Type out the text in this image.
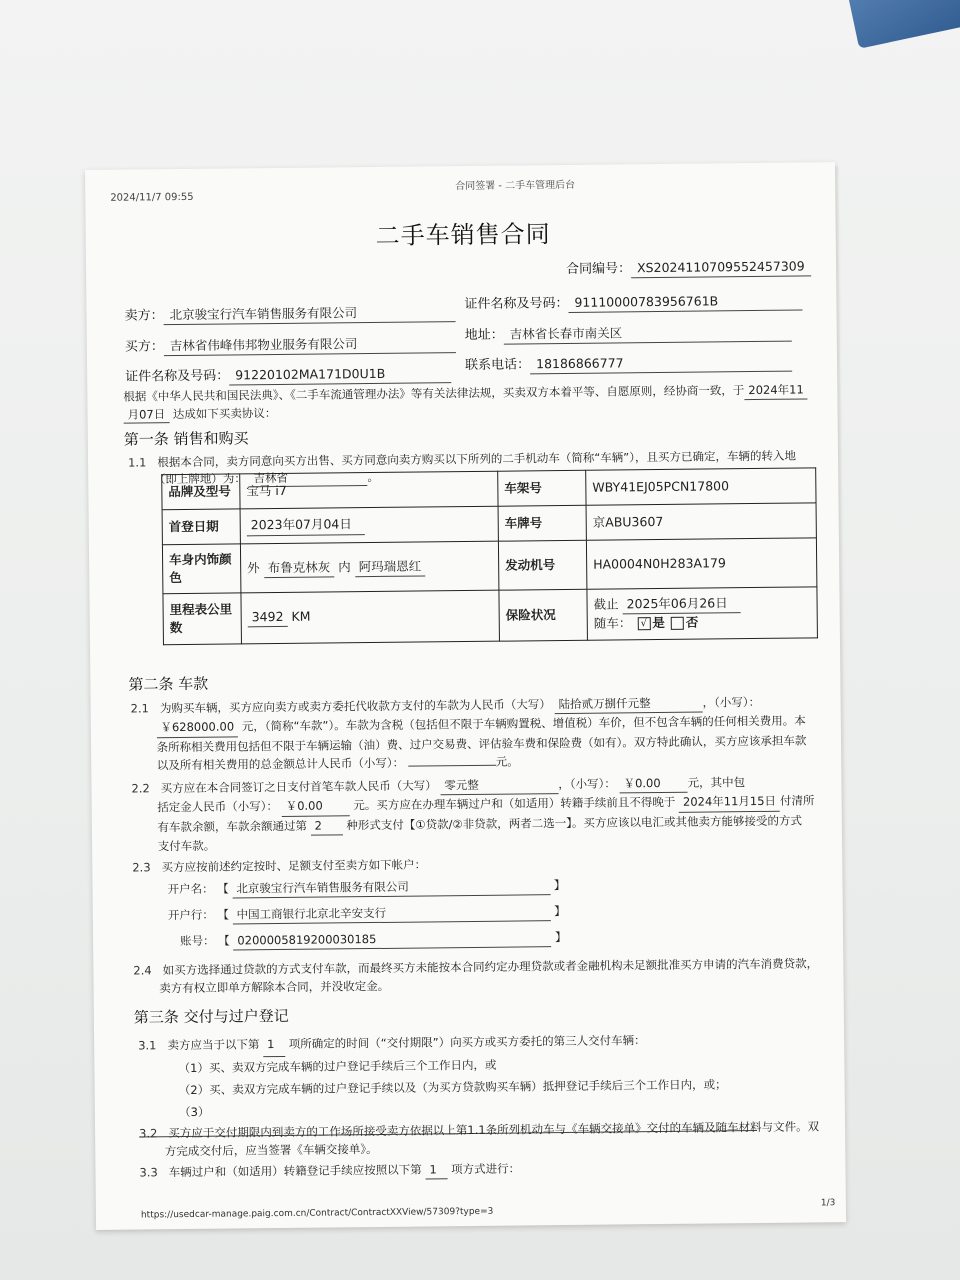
2024/11/7 09:55
合同签署 - 二手车管理后台
二手车销售合同
合同编号： XS2024110709552457309
卖方： 北京骏宝行汽车销售服务有限公司
证件名称及号码： 91110000783956761B
买方： 吉林省伟峰伟邦物业服务有限公司
地址： 吉林省长春市南关区
证件名称及号码： 91220102MA171D0U1B
联系电话： 18186866777
根据《中华人民共和国民法典》、《二手车流通管理办法》等有关法律法规，买卖双方本着平等、自愿原则，经协商一致，于 2024年11
月07日 达成如下买卖协议：
第一条 销售和购买
1.1 根据本合同，卖方同意向买方出售、买方同意向卖方购买以下所列的二手机动车（简称“车辆”），且买方已确定，车辆的转入地
（即上牌地）为： 吉林省	。
品牌及型号	宝马 i7	车架号	WBY41EJ05PCN17800
首登日期	2023年07月04日	车牌号	京ABU3607
车身内饰颜色	外 布鲁克林灰 内 阿玛瑞恩红	发动机号	HA0004N0H283A179
里程表公里数	3492 KM	保险状况	截止 2025年06月26日
随车： √ 是 否
第二条 车款
2.1 为购买车辆，买方应向卖方或卖方委托代收款方支付的车款为人民币（大写） 陆拾贰万捌仟元整	，（小写）：
￥628000.00 元，（简称“车款”）。车款为含税（包括但不限于车辆购置税、增值税）车价，但不包含车辆的任何相关费用。本
条所称相关费用包括但不限于车辆运输（油）费、过户交易费、评估验车费和保险费（如有）。双方特此确认，买方应该承担车款
以及所有相关费用的总金额总计人民币（小写）：	元。
2.2 买方应在本合同签订之日支付首笔车款人民币（大写） 零元整	，（小写）： ￥0.00 元，其中包
括定金人民币（小写）： ￥0.00	元。买方应在办理车辆过户和（如适用）转籍手续前且不得晚于 2024年11月15日 付清所
有车款余额，车款余额通过第 2 种形式支付【①贷款/②非贷款，两者二选一】。买方应该以电汇或其他卖方能够接受的方式
支付车款。
2.3 买方应按前述约定按时、足额支付至卖方如下帐户：
开户名： 【 北京骏宝行汽车销售服务有限公司	】
开户行： 【 中国工商银行北京北辛安支行	】
账号： 【 0200005819200030185	】
2.4 如买方选择通过贷款的方式支付车款，而最终买方未能按本合同约定办理贷款或者金融机构未足额批准买方申请的汽车消费贷款，
卖方有权立即单方解除本合同，并没收定金。
第三条 交付与过户登记
3.1 卖方应当于以下第 1 项所确定的时间（“交付期限”）向买方或买方委托的第三人交付车辆：
（1）买、卖双方完成车辆的过户登记手续后三个工作日内，或
（2）买、卖双方完成车辆的过户登记手续以及（为买方贷款购买车辆）抵押登记手续后三个工作日内，或；
（3）
3.2 买方应于交付期限内到卖方的工作场所接受卖方依据以上第1.1条所列机动车与《车辆交接单》交付的车辆及随车材料与文件。双
方完成交付后，应当签署《车辆交接单》。
3.3 车辆过户和（如适用）转籍登记手续应按照以下第 1 项方式进行：
https://usedcar-manage.paig.com.cn/Contract/ContractXXView/57309?type=3
1/3
